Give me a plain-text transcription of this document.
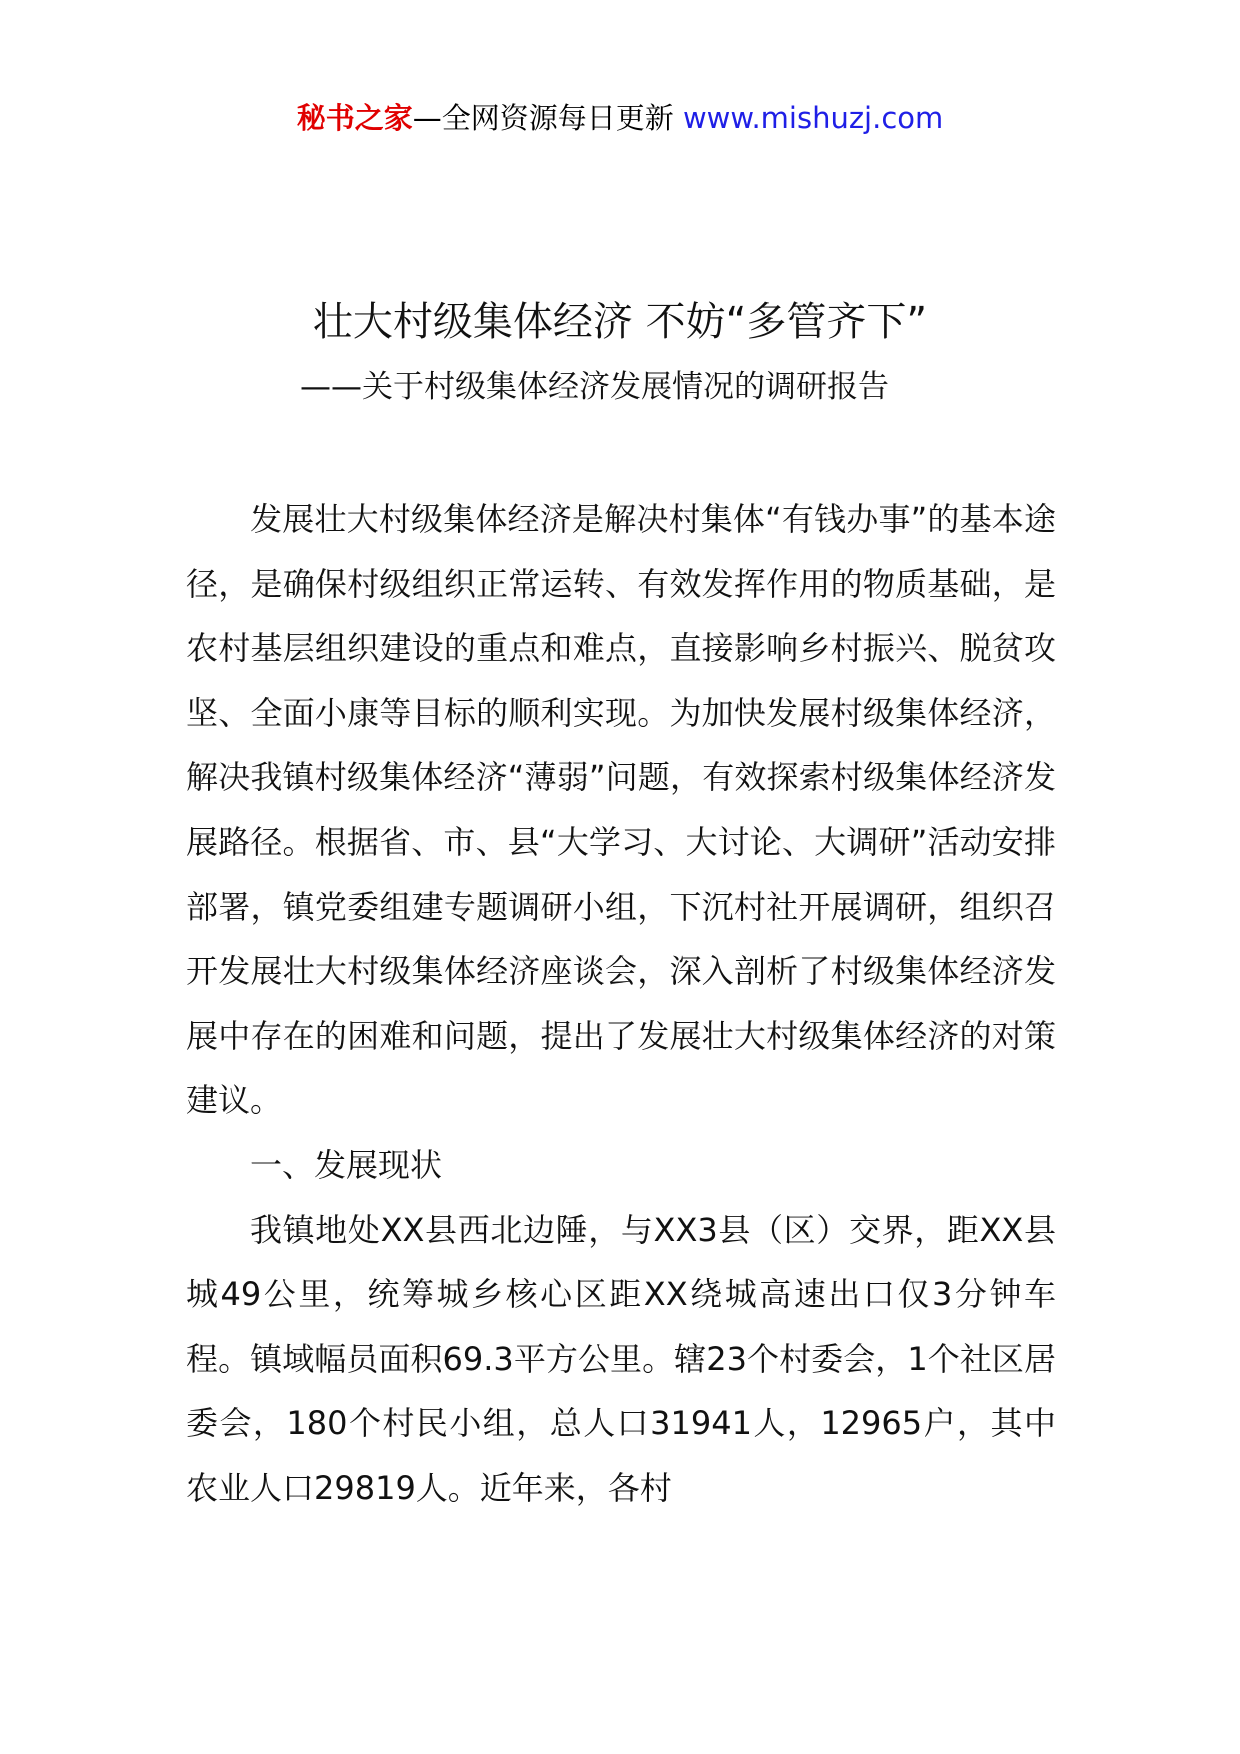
秘书之家—全网资源每日更新 www.mishuzj.com
壮大村级集体经济 不妨“多管齐下”
——关于村级集体经济发展情况的调研报告

发展壮大村级集体经济是解决村集体“有钱办事”的基本途径，是确保村级组织正常运转、有效发挥作用的物质基础，是农村基层组织建设的重点和难点，直接影响乡村振兴、脱贫攻坚、全面小康等目标的顺利实现。为加快发展村级集体经济，解决我镇村级集体经济“薄弱”问题，有效探索村级集体经济发展路径。根据省、市、县“大学习、大讨论、大调研”活动安排部署，镇党委组建专题调研小组，下沉村社开展调研，组织召开发展壮大村级集体经济座谈会，深入剖析了村级集体经济发展中存在的困难和问题，提出了发展壮大村级集体经济的对策建议。

一、发展现状

我镇地处XX县西北边陲，与XX3县（区）交界，距XX县城49公里，统筹城乡核心区距XX绕城高速出口仅3分钟车程。镇域幅员面积69.3平方公里。辖23个村委会，1个社区居委会，180个村民小组，总人口31941人，12965户，其中农业人口29819人。近年来，各村
